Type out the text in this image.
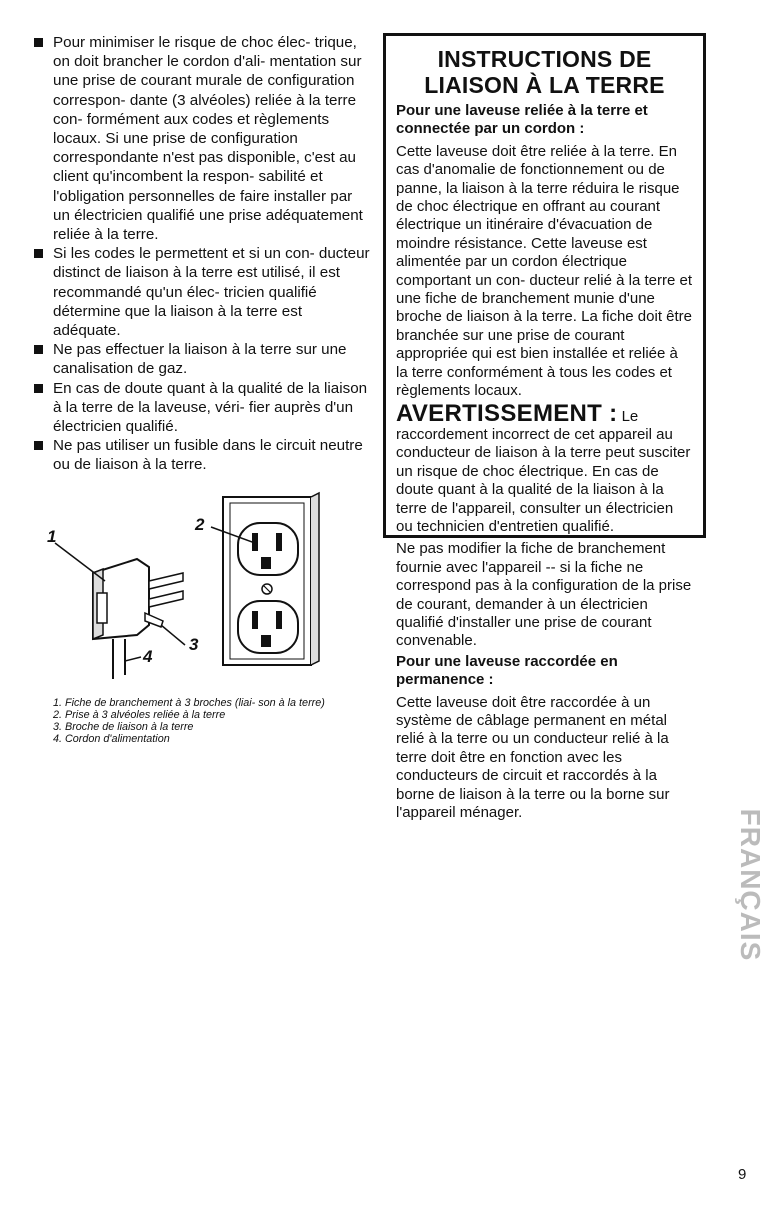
Pour minimiser le risque de choc élec- trique, on doit brancher le cordon d'ali- mentation sur une prise de courant murale de configuration correspon- dante (3 alvéoles) reliée à la terre con- formément aux codes et règlements locaux. Si une prise de configuration correspondante n'est pas disponible, c'est au client qu'incombent la respon- sabilité et l'obligation personnelles de faire installer par un électricien qualifié une prise adéquatement reliée à la terre.
Si les codes le permettent et si un con- ducteur distinct de liaison à la terre est utilisé, il est recommandé qu'un élec- tricien qualifié détermine que la liaison à la terre est adéquate.
Ne pas effectuer la liaison à la terre sur une canalisation de gaz.
En cas de doute quant à la qualité de la liaison à la terre de la laveuse, véri- fier auprès d'un électricien qualifié.
Ne pas utiliser un fusible dans le circuit neutre ou de liaison à la terre.
1
2
3
4
1. Fiche de branchement à 3 broches (liai- son à la terre)
2. Prise à 3 alvéoles reliée à la terre
3. Broche de liaison à la terre
4. Cordon d'alimentation
INSTRUCTIONS DE
LIAISON À LA TERRE
Pour une laveuse reliée à la terre et connectée par un cordon :
Cette laveuse doit être reliée à la terre. En cas d'anomalie de fonctionnement ou de panne, la liaison à la terre réduira le risque de choc électrique en offrant au courant électrique un itinéraire d'évacuation de moindre résistance. Cette laveuse est alimentée par un cordon électrique comportant un con- ducteur relié à la terre et une fiche de branchement munie d'une broche de liaison à la terre. La fiche doit être branchée sur une prise de courant appropriée qui est bien installée et reliée à la terre conformément à tous les codes et règlements locaux.
AVERTISSEMENT : Le raccordement incorrect de cet appareil au conducteur de liaison à la terre peut susciter un risque de choc électrique. En cas de doute quant à la qualité de la liaison à la terre de l'appareil, consulter un électricien ou technicien d'entretien qualifié.
Ne pas modifier la fiche de branchement fournie avec l'appareil -- si la fiche ne correspond pas à la configuration de la prise de courant, demander à un électricien qualifié d'installer une prise de courant convenable.
Pour une laveuse raccordée en permanence :
Cette laveuse doit être raccordée à un système de câblage permanent en métal relié à la terre ou un conducteur relié à la terre doit être en fonction avec les conducteurs de circuit et raccordés à la borne de liaison à la terre ou la borne sur l'appareil ménager.	FRANÇAIS
9
